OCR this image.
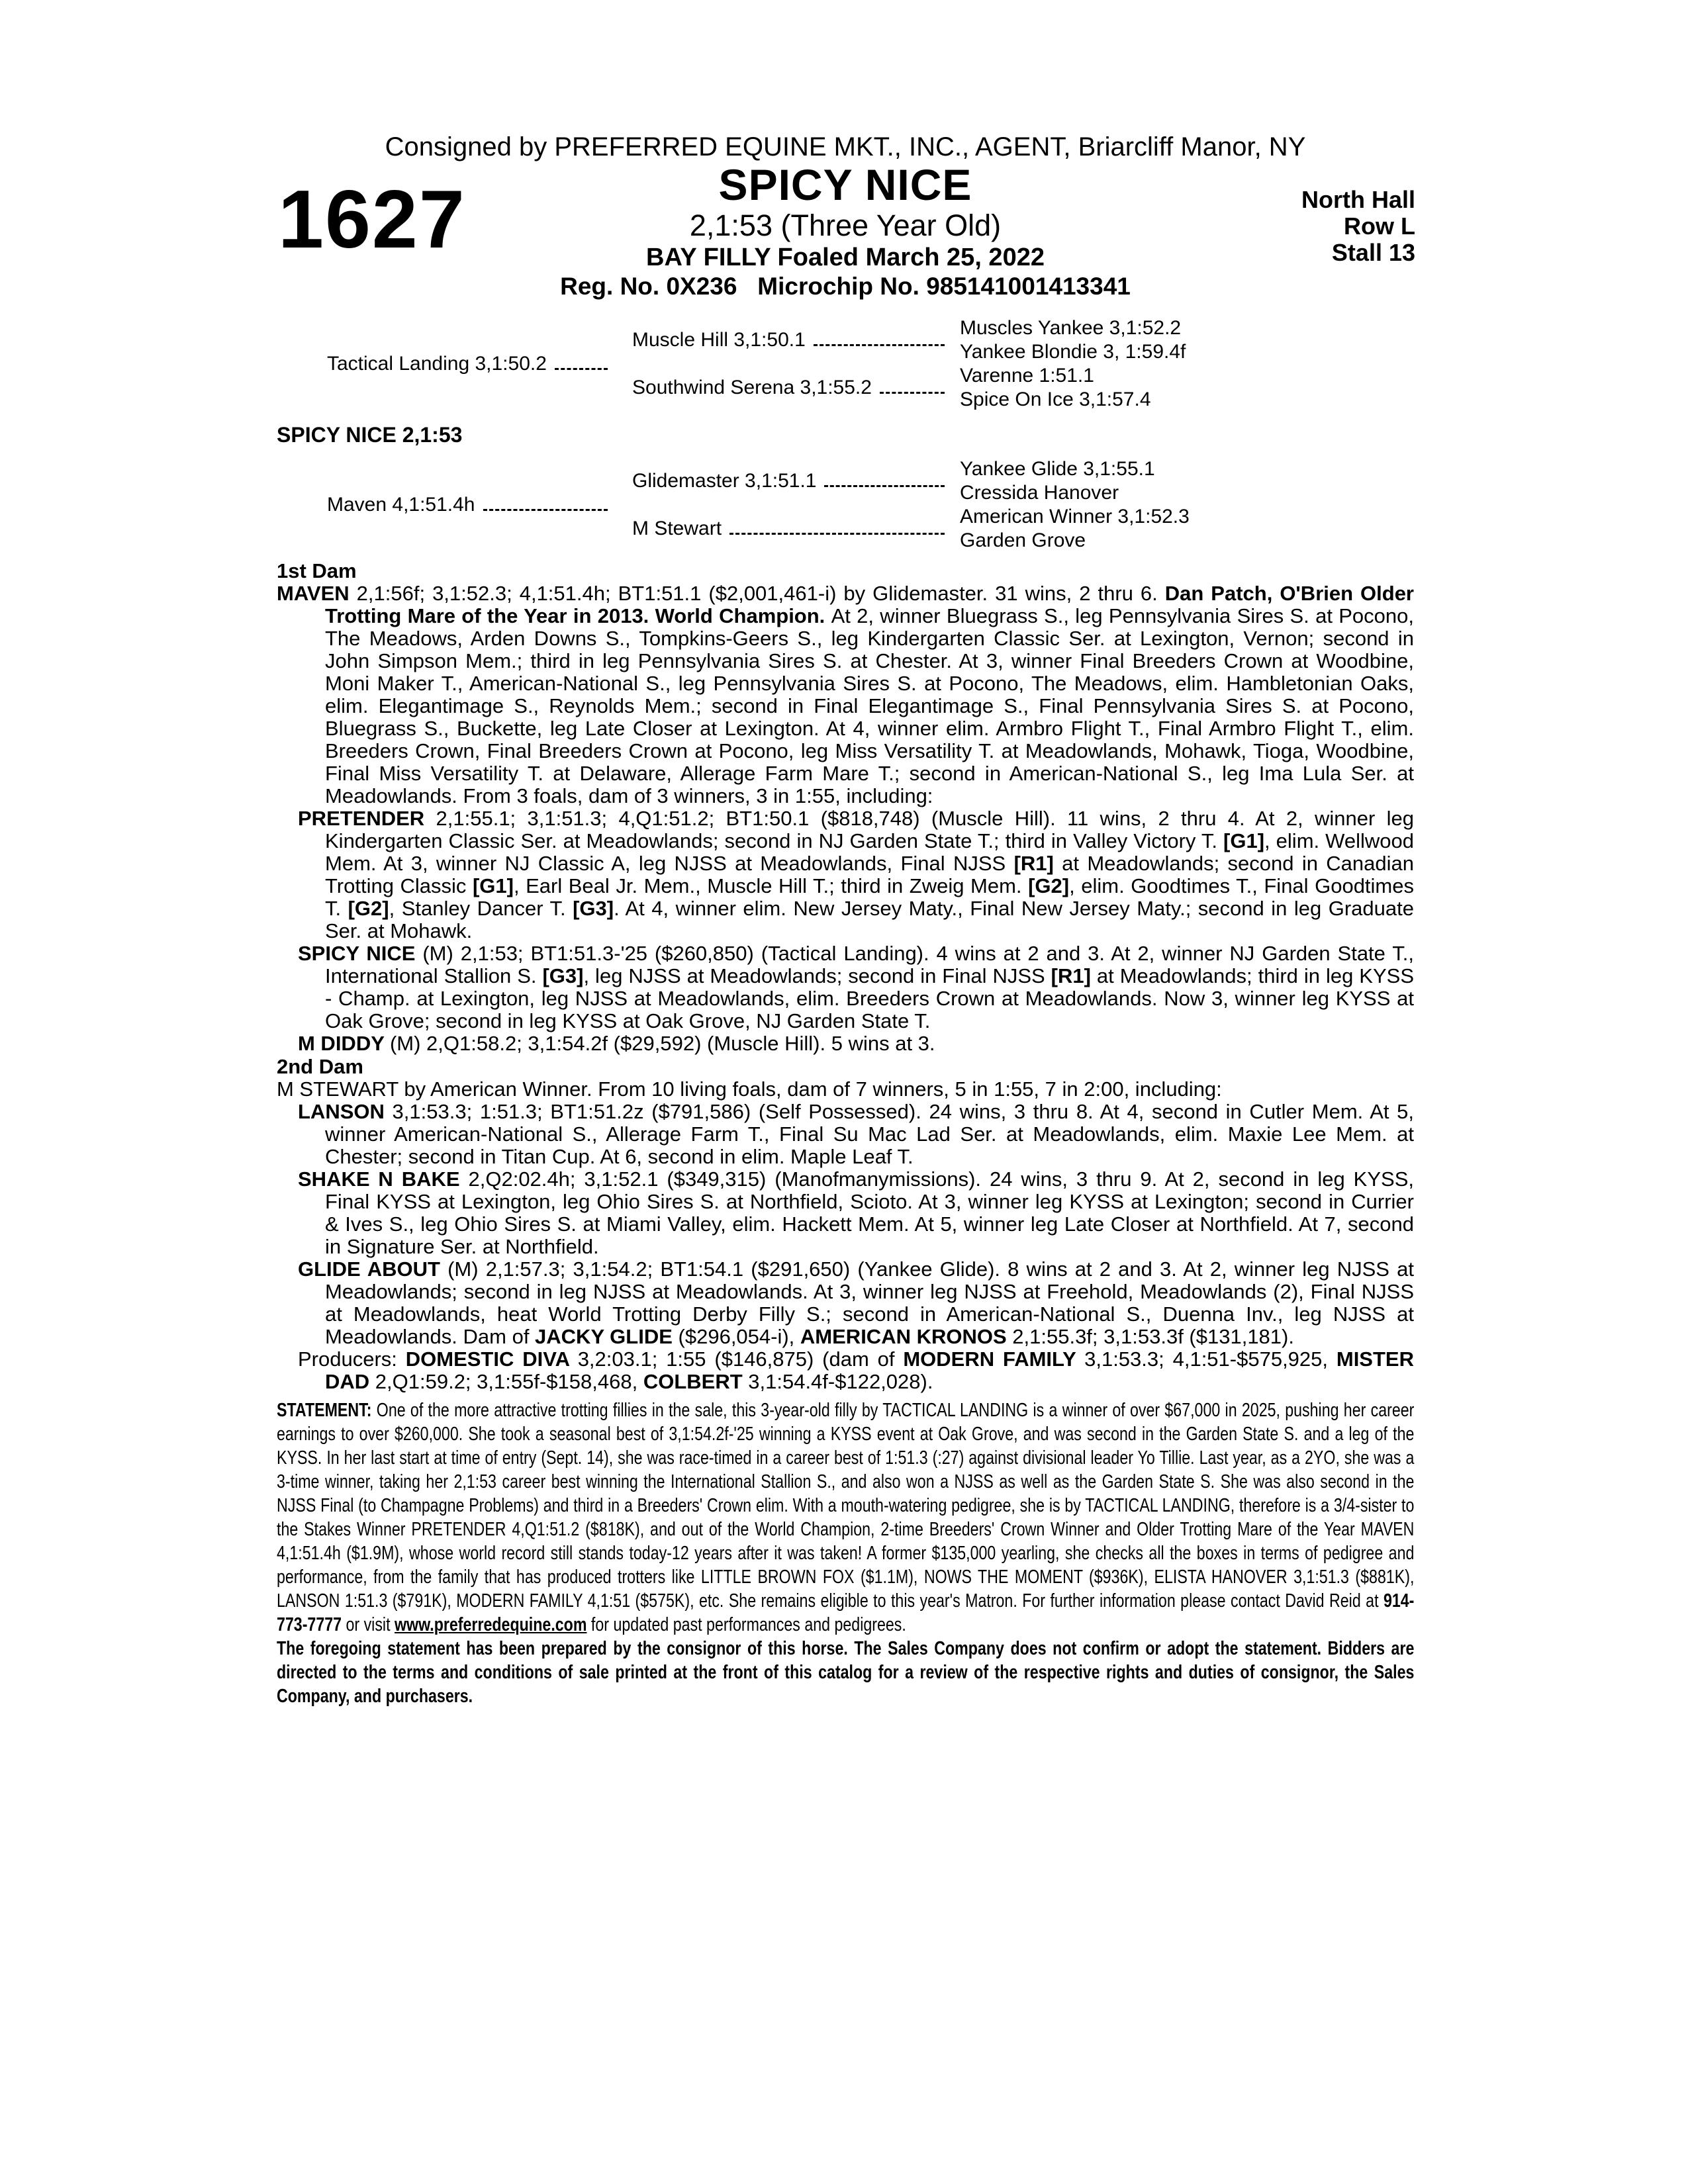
Consigned by PREFERRED EQUINE MKT., INC., AGENT, Briarcliff Manor, NY
1627	SPICY NICE
2,1:53 (Three Year Old)
BAY FILLY Foaled March 25, 2022
Reg. No. 0X236   Microchip No. 985141001413341
North Hall
Row L
Stall 13
SPICY NICE 2,1:53
Tactical Landing 3,1:50.2
Maven 4,1:51.4h
Muscle Hill 3,1:50.1
Southwind Serena 3,1:55.2
Glidemaster 3,1:51.1
M Stewart
Muscles Yankee 3,1:52.2
Yankee Blondie 3, 1:59.4f
Varenne 1:51.1
Spice On Ice 3,1:57.4
Yankee Glide 3,1:55.1
Cressida Hanover
American Winner 3,1:52.3
Garden Grove

1st Dam

MAVEN 2,1:56f; 3,1:52.3; 4,1:51.4h; BT1:51.1 ($2,001,461-i) by Glidemaster. 31 wins, 2 thru 6. Dan Patch, O'Brien Older Trotting Mare of the Year in 2013. World Champion. At 2, winner Bluegrass S., leg Pennsylvania Sires S. at Pocono, The Meadows, Arden Downs S., Tompkins-Geers S., leg Kindergarten Classic Ser. at Lexington, Vernon; second in John Simpson Mem.; third in leg Pennsylvania Sires S. at Chester. At 3, winner Final Breeders Crown at Woodbine, Moni Maker T., American-National S., leg Pennsylvania Sires S. at Pocono, The Meadows, elim. Hambletonian Oaks, elim. Elegantimage S., Reynolds Mem.; second in Final Elegantimage S., Final Pennsylvania Sires S. at Pocono, Bluegrass S., Buckette, leg Late Closer at Lexington. At 4, winner elim. Armbro Flight T., Final Armbro Flight T., elim. Breeders Crown, Final Breeders Crown at Pocono, leg Miss Versatility T. at Meadowlands, Mohawk, Tioga, Woodbine, Final Miss Versatility T. at Delaware, Allerage Farm Mare T.; second in American-National S., leg Ima Lula Ser. at Meadowlands. From 3 foals, dam of 3 winners, 3 in 1:55, including:

PRETENDER 2,1:55.1; 3,1:51.3; 4,Q1:51.2; BT1:50.1 ($818,748) (Muscle Hill). 11 wins, 2 thru 4. At 2, winner leg Kindergarten Classic Ser. at Meadowlands; second in NJ Garden State T.; third in Valley Victory T. [G1], elim. Wellwood Mem. At 3, winner NJ Classic A, leg NJSS at Meadowlands, Final NJSS [R1] at Meadowlands; second in Canadian Trotting Classic [G1], Earl Beal Jr. Mem., Muscle Hill T.; third in Zweig Mem. [G2], elim. Goodtimes T., Final Goodtimes T. [G2], Stanley Dancer T. [G3]. At 4, winner elim. New Jersey Maty., Final New Jersey Maty.; second in leg Graduate Ser. at Mohawk.

SPICY NICE (M) 2,1:53; BT1:51.3-'25 ($260,850) (Tactical Landing). 4 wins at 2 and 3. At 2, winner NJ Garden State T., International Stallion S. [G3], leg NJSS at Meadowlands; second in Final NJSS [R1] at Meadowlands; third in leg KYSS - Champ. at Lexington, leg NJSS at Meadowlands, elim. Breeders Crown at Meadowlands. Now 3, winner leg KYSS at Oak Grove; second in leg KYSS at Oak Grove, NJ Garden State T.

M DIDDY (M) 2,Q1:58.2; 3,1:54.2f ($29,592) (Muscle Hill). 5 wins at 3.

2nd Dam

M STEWART by American Winner. From 10 living foals, dam of 7 winners, 5 in 1:55, 7 in 2:00, including:

LANSON 3,1:53.3; 1:51.3; BT1:51.2z ($791,586) (Self Possessed). 24 wins, 3 thru 8. At 4, second in Cutler Mem. At 5, winner American-National S., Allerage Farm T., Final Su Mac Lad Ser. at Meadowlands, elim. Maxie Lee Mem. at Chester; second in Titan Cup. At 6, second in elim. Maple Leaf T.

SHAKE N BAKE 2,Q2:02.4h; 3,1:52.1 ($349,315) (Manofmanymissions). 24 wins, 3 thru 9. At 2, second in leg KYSS, Final KYSS at Lexington, leg Ohio Sires S. at Northfield, Scioto. At 3, winner leg KYSS at Lexington; second in Currier & Ives S., leg Ohio Sires S. at Miami Valley, elim. Hackett Mem. At 5, winner leg Late Closer at Northfield. At 7, second in Signature Ser. at Northfield.

GLIDE ABOUT (M) 2,1:57.3; 3,1:54.2; BT1:54.1 ($291,650) (Yankee Glide). 8 wins at 2 and 3. At 2, winner leg NJSS at Meadowlands; second in leg NJSS at Meadowlands. At 3, winner leg NJSS at Freehold, Meadowlands (2), Final NJSS at Meadowlands, heat World Trotting Derby Filly S.; second in American-National S., Duenna Inv., leg NJSS at Meadowlands. Dam of JACKY GLIDE ($296,054-i), AMERICAN KRONOS 2,1:55.3f; 3,1:53.3f ($131,181).

Producers: DOMESTIC DIVA 3,2:03.1; 1:55 ($146,875) (dam of MODERN FAMILY 3,1:53.3; 4,1:51-$575,925, MISTER DAD 2,Q1:59.2; 3,1:55f-$158,468, COLBERT 3,1:54.4f-$122,028).

STATEMENT: One of the more attractive trotting fillies in the sale, this 3-year-old filly by TACTICAL LANDING is a winner of over $67,000 in 2025, pushing her career earnings to over $260,000. She took a seasonal best of 3,1:54.2f-'25 winning a KYSS event at Oak Grove, and was second in the Garden State S. and a leg of the KYSS. In her last start at time of entry (Sept. 14), she was race-timed in a career best of 1:51.3 (:27) against divisional leader Yo Tillie. Last year, as a 2YO, she was a 3-time winner, taking her 2,1:53 career best winning the International Stallion S., and also won a NJSS as well as the Garden State S. She was also second in the NJSS Final (to Champagne Problems) and third in a Breeders' Crown elim. With a mouth-watering pedigree, she is by TACTICAL LANDING, therefore is a 3/4-sister to the Stakes Winner PRETENDER 4,Q1:51.2 ($818K), and out of the World Champion, 2-time Breeders' Crown Winner and Older Trotting Mare of the Year MAVEN 4,1:51.4h ($1.9M), whose world record still stands today-12 years after it was taken! A former $135,000 yearling, she checks all the boxes in terms of pedigree and performance, from the family that has produced trotters like LITTLE BROWN FOX ($1.1M), NOWS THE MOMENT ($936K), ELISTA HANOVER 3,1:51.3 ($881K), LANSON 1:51.3 ($791K), MODERN FAMILY 4,1:51 ($575K), etc. She remains eligible to this year's Matron. For further information please contact David Reid at 914-773-7777 or visit www.preferredequine.com for updated past performances and pedigrees.

The foregoing statement has been prepared by the consignor of this horse. The Sales Company does not confirm or adopt the statement. Bidders are directed to the terms and conditions of sale printed at the front of this catalog for a review of the respective rights and duties of consignor, the Sales Company, and purchasers.
